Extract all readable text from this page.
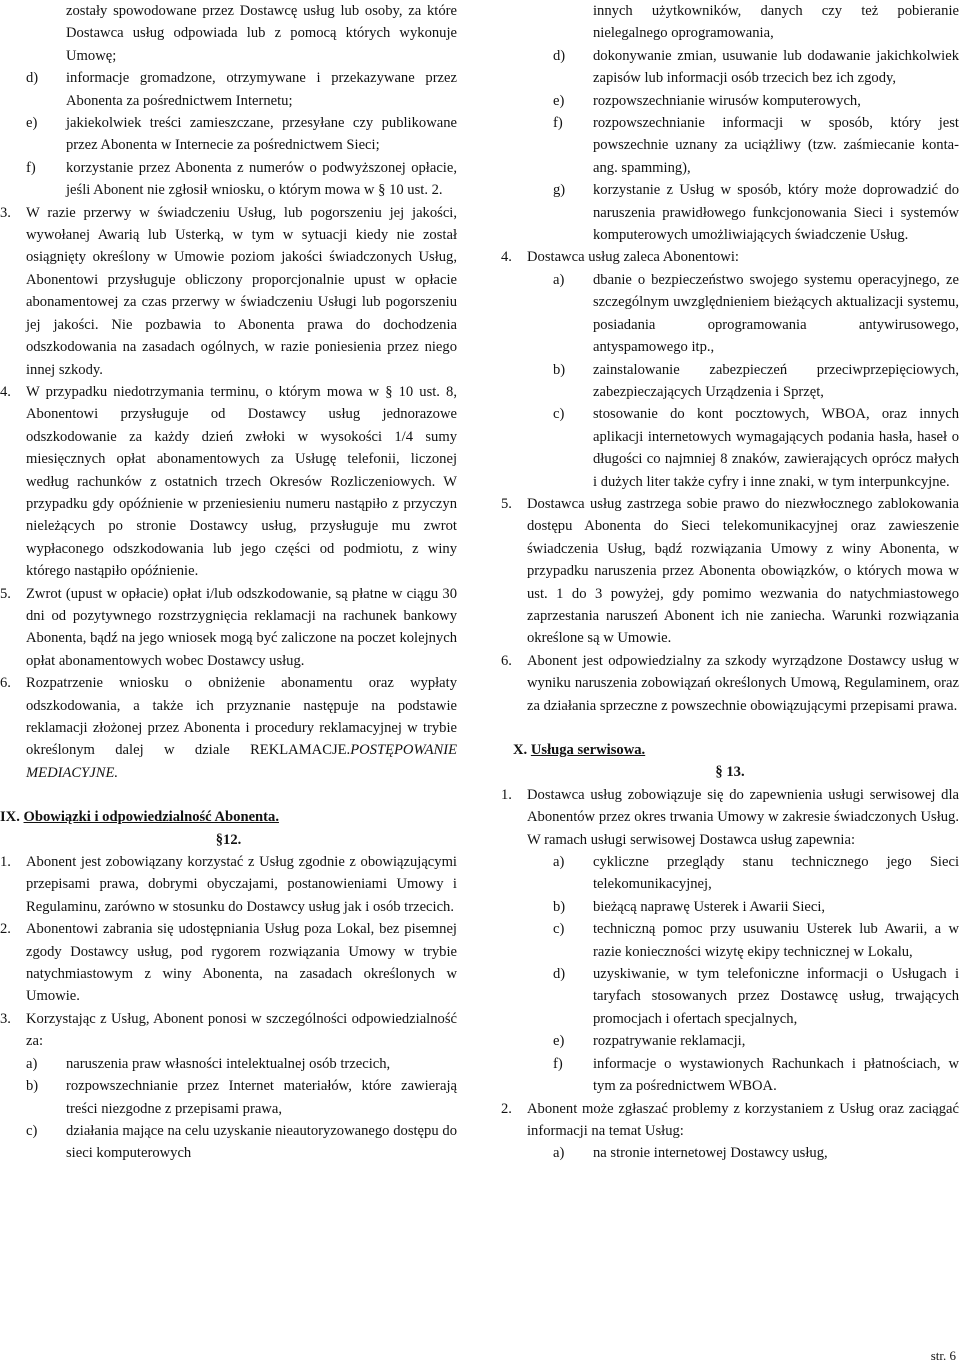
zostały spowodowane przez Dostawcę usług lub osoby, za które Dostawca usług odpowiada lub z pomocą których wykonuje Umowę;

d) informacje gromadzone, otrzymywane i przekazywane przez Abonenta za pośrednictwem Internetu;

e) jakiekolwiek treści zamieszczane, przesyłane czy publikowane przez Abonenta w Internecie za pośrednictwem Sieci;

f) korzystanie przez Abonenta z numerów o podwyższonej opłacie, jeśli Abonent nie zgłosił wniosku, o którym mowa w § 10 ust. 2.

3. W razie przerwy w świadczeniu Usług, lub pogorszeniu jej jakości, wywołanej Awarią lub Usterką, w tym w sytuacji kiedy nie został osiągnięty określony w Umowie poziom jakości świadczonych Usług, Abonentowi przysługuje obliczony proporcjonalnie upust w opłacie abonamentowej za czas przerwy w świadczeniu Usługi lub pogorszeniu jej jakości. Nie pozbawia to Abonenta prawa do dochodzenia odszkodowania na zasadach ogólnych, w razie poniesienia przez niego innej szkody.

4. W przypadku niedotrzymania terminu, o którym mowa w § 10 ust. 8, Abonentowi przysługuje od Dostawcy usług jednorazowe odszkodowanie za każdy dzień zwłoki w wysokości 1/4 sumy miesięcznych opłat abonamentowych za Usługę telefonii, liczonej według rachunków z ostatnich trzech Okresów Rozliczeniowych. W przypadku gdy opóźnienie w przeniesieniu numeru nastąpiło z przyczyn nieleżących po stronie Dostawcy usług, przysługuje mu zwrot wypłaconego odszkodowania lub jego części od podmiotu, z winy którego nastąpiło opóźnienie.

5. Zwrot (upust w opłacie) opłat i/lub odszkodowanie, są płatne w ciągu 30 dni od pozytywnego rozstrzygnięcia reklamacji na rachunek bankowy Abonenta, bądź na jego wniosek mogą być zaliczone na poczet kolejnych opłat abonamentowych wobec Dostawcy usług.

6. Rozpatrzenie wniosku o obniżenie abonamentu oraz wypłaty odszkodowania, a także ich przyznanie następuje na podstawie reklamacji złożonej przez Abonenta i procedury reklamacyjnej w trybie określonym dalej w dziale REKLAMACJE.POSTĘPOWANIE MEDIACYJNE.

IX. Obowiązki i odpowiedzialność Abonenta.

§12.

1. Abonent jest zobowiązany korzystać z Usług zgodnie z obowiązującymi przepisami prawa, dobrymi obyczajami, postanowieniami Umowy i Regulaminu, zarówno w stosunku do Dostawcy usług jak i osób trzecich.

2. Abonentowi zabrania się udostępniania Usług poza Lokal, bez pisemnej zgody Dostawcy usług, pod rygorem rozwiązania Umowy w trybie natychmiastowym z winy Abonenta, na zasadach określonych w Umowie.

3. Korzystając z Usług, Abonent ponosi w szczególności odpowiedzialność za:

a) naruszenia praw własności intelektualnej osób trzecich,

b) rozpowszechnianie przez Internet materiałów, które zawierają treści niezgodne z przepisami prawa,

c) działania mające na celu uzyskanie nieautoryzowanego dostępu do sieci komputerowych

innych użytkowników, danych czy też pobieranie nielegalnego oprogramowania,

d) dokonywanie zmian, usuwanie lub dodawanie jakichkolwiek zapisów lub informacji osób trzecich bez ich zgody,

e) rozpowszechnianie wirusów komputerowych,

f) rozpowszechnianie informacji w sposób, który jest powszechnie uznany za uciążliwy (tzw. zaśmiecanie konta- ang. spamming),

g) korzystanie z Usług w sposób, który może doprowadzić do naruszenia prawidłowego funkcjonowania Sieci i systemów komputerowych umożliwiających świadczenie Usług.

4. Dostawca usług zaleca Abonentowi:

a) dbanie o bezpieczeństwo swojego systemu operacyjnego, ze szczególnym uwzględnieniem bieżących aktualizacji systemu, posiadania oprogramowania antywirusowego, antyspamowego itp.,

b) zainstalowanie zabezpieczeń przeciwprzepięciowych, zabezpieczających Urządzenia i Sprzęt,

c) stosowanie do kont pocztowych, WBOA, oraz innych aplikacji internetowych wymagających podania hasła, haseł o długości co najmniej 8 znaków, zawierających oprócz małych i dużych liter także cyfry i inne znaki, w tym interpunkcyjne.

5. Dostawca usług zastrzega sobie prawo do niezwłocznego zablokowania dostępu Abonenta do Sieci telekomunikacyjnej oraz zawieszenie świadczenia Usług, bądź rozwiązania Umowy z winy Abonenta, w przypadku naruszenia przez Abonenta obowiązków, o których mowa w ust. 1 do 3 powyżej, gdy pomimo wezwania do natychmiastowego zaprzestania naruszeń Abonent ich nie zaniecha. Warunki rozwiązania określone są w Umowie.

6. Abonent jest odpowiedzialny za szkody wyrządzone Dostawcy usług w wyniku naruszenia zobowiązań określonych Umową, Regulaminem, oraz za działania sprzeczne z powszechnie obowiązującymi przepisami prawa.

X. Usługa serwisowa.

§ 13.

1. Dostawca usług zobowiązuje się do zapewnienia usługi serwisowej dla Abonentów przez okres trwania Umowy w zakresie świadczonych Usług. W ramach usługi serwisowej Dostawca usług zapewnia:

a) cykliczne przeglądy stanu technicznego jego Sieci telekomunikacyjnej,

b) bieżącą naprawę Usterek i Awarii Sieci,

c) techniczną pomoc przy usuwaniu Usterek lub Awarii, a w razie konieczności wizytę ekipy technicznej w Lokalu,

d) uzyskiwanie, w tym telefoniczne informacji o Usługach i taryfach stosowanych przez Dostawcę usług, trwających promocjach i ofertach specjalnych,

e) rozpatrywanie reklamacji,

f) informacje o wystawionych Rachunkach i płatnościach, w tym za pośrednictwem WBOA.

2. Abonent może zgłaszać problemy z korzystaniem z Usług oraz zaciągać informacji na temat Usług:

a) na stronie internetowej Dostawcy usług,

str. 6
